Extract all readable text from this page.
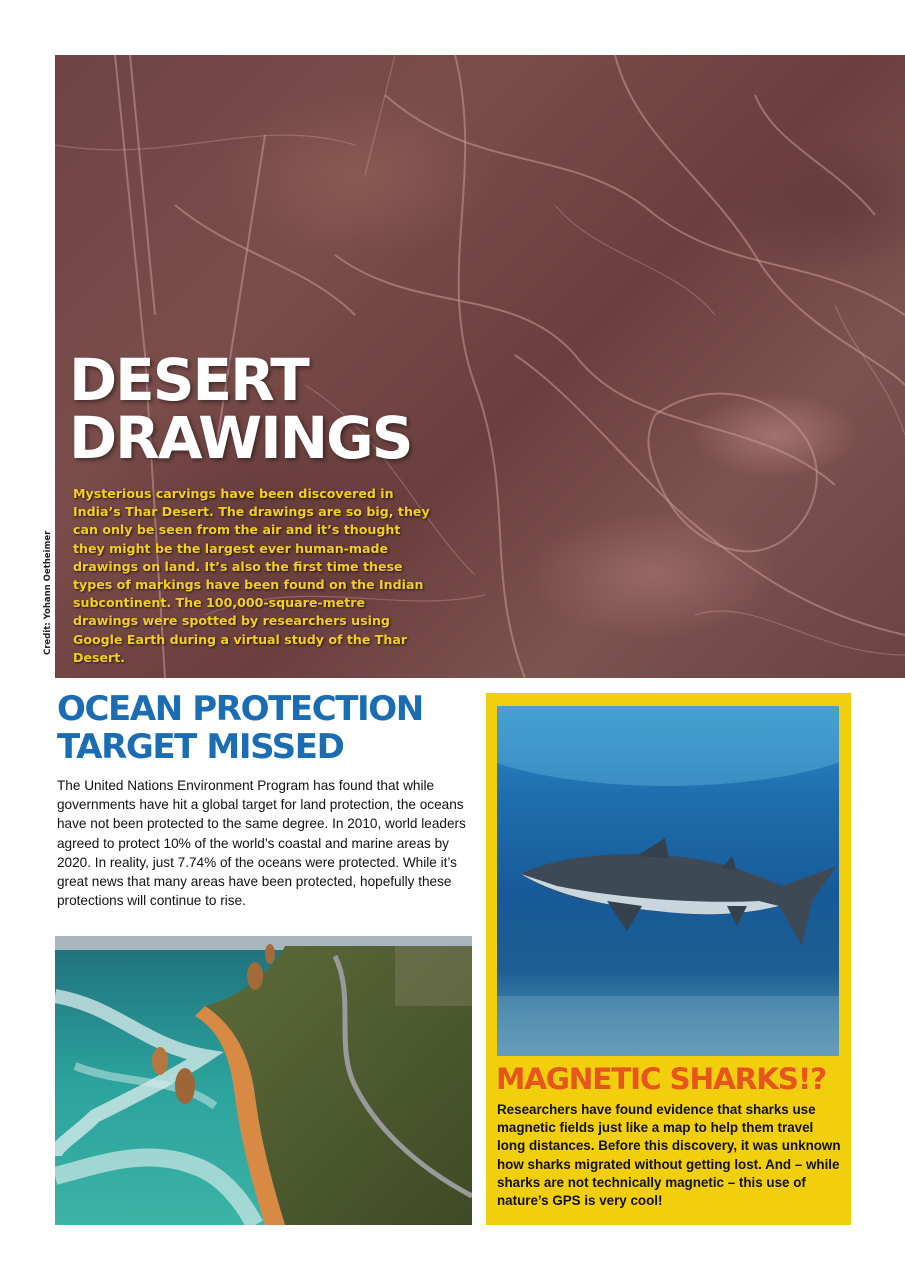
DESERT
DRAWINGS
Mysterious carvings have been discovered in India’s Thar Desert. The drawings are so big, they can only be seen from the air and it’s thought they might be the largest ever human-made drawings on land. It’s also the first time these types of markings have been found on the Indian subcontinent. The 100,000-square-metre drawings were spotted by researchers using Google Earth during a virtual study of the Thar Desert.
Credit: Yohann Oetheimer
OCEAN PROTECTION
TARGET MISSED
The United Nations Environment Program has found that while governments have hit a global target for land protection, the oceans have not been protected to the same degree. In 2010, world leaders agreed to protect 10% of the world’s coastal and marine areas by 2020. In reality, just 7.74% of the oceans were protected. While it’s great news that many areas have been protected, hopefully these protections will continue to rise.
MAGNETIC SHARKS!?
Researchers have found evidence that sharks use magnetic fields just like a map to help them travel long distances. Before this discovery, it was unknown how sharks migrated without getting lost. And – while sharks are not technically magnetic – this use of nature’s GPS is very cool!
